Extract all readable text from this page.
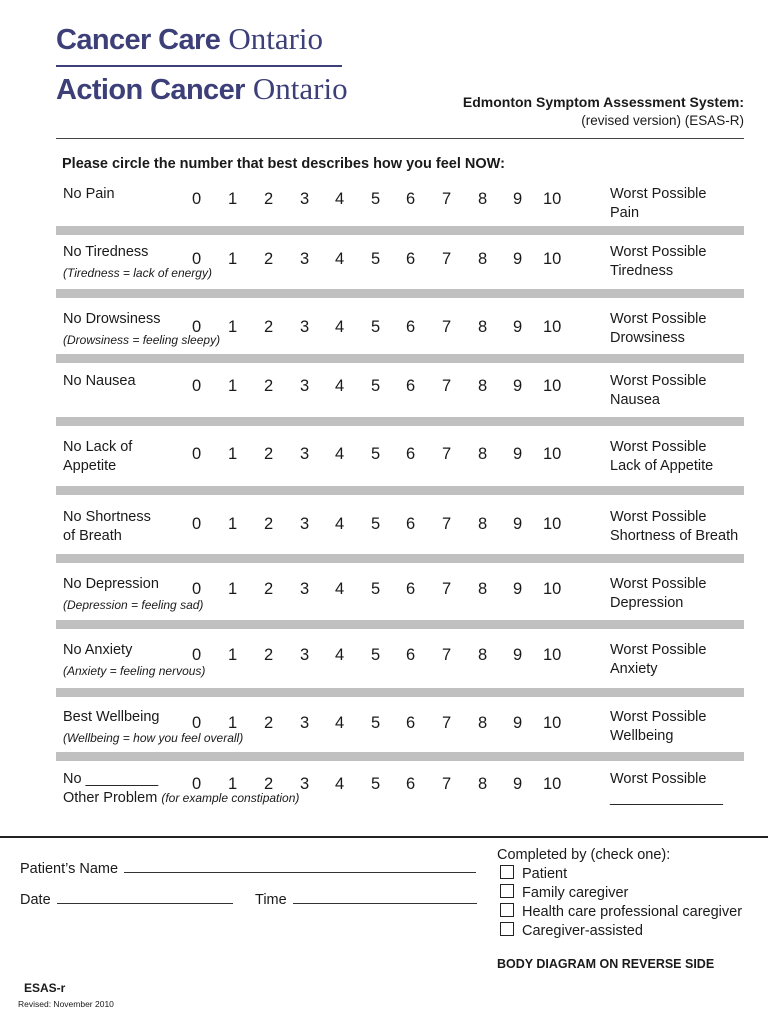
Cancer Care Ontario
Action Cancer Ontario	Edmonton Symptom Assessment System:
(revised version) (ESAS-R)
Please circle the number that best describes how you feel NOW:
No Pain	0 1 2 3 4 5 6 7 8 9 10	Worst Possible
Pain
No Tiredness
(Tiredness = lack of energy)
0 1 2 3 4 5 6 7 8 9 10	Worst Possible
Tiredness
No Drowsiness
(Drowsiness = feeling sleepy)
0 1 2 3 4 5 6 7 8 9 10	Worst Possible
Drowsiness
No Nausea	0 1 2 3 4 5 6 7 8 9 10	Worst Possible
Nausea
No Lack of
Appetite
0 1 2 3 4 5 6 7 8 9 10	Worst Possible
Lack of Appetite
No Shortness
of Breath
0 1 2 3 4 5 6 7 8 9 10	Worst Possible
Shortness of Breath
No Depression
(Depression = feeling sad)
0 1 2 3 4 5 6 7 8 9 10	Worst Possible
Depression
No Anxiety
(Anxiety = feeling nervous)
0 1 2 3 4 5 6 7 8 9 10	Worst Possible
Anxiety
Best Wellbeing
(Wellbeing = how you feel overall)
0 1 2 3 4 5 6 7 8 9 10	Worst Possible
Wellbeing
No _________
Other Problem (for example constipation)
0 1 2 3 4 5 6 7 8 9 10	Worst Possible
______________
Patient’s Name
Date	Time
Completed by (check one):
Patient
Family caregiver
Health care professional caregiver
Caregiver-assisted
BODY DIAGRAM ON REVERSE SIDE
ESAS-r
Revised: November 2010
